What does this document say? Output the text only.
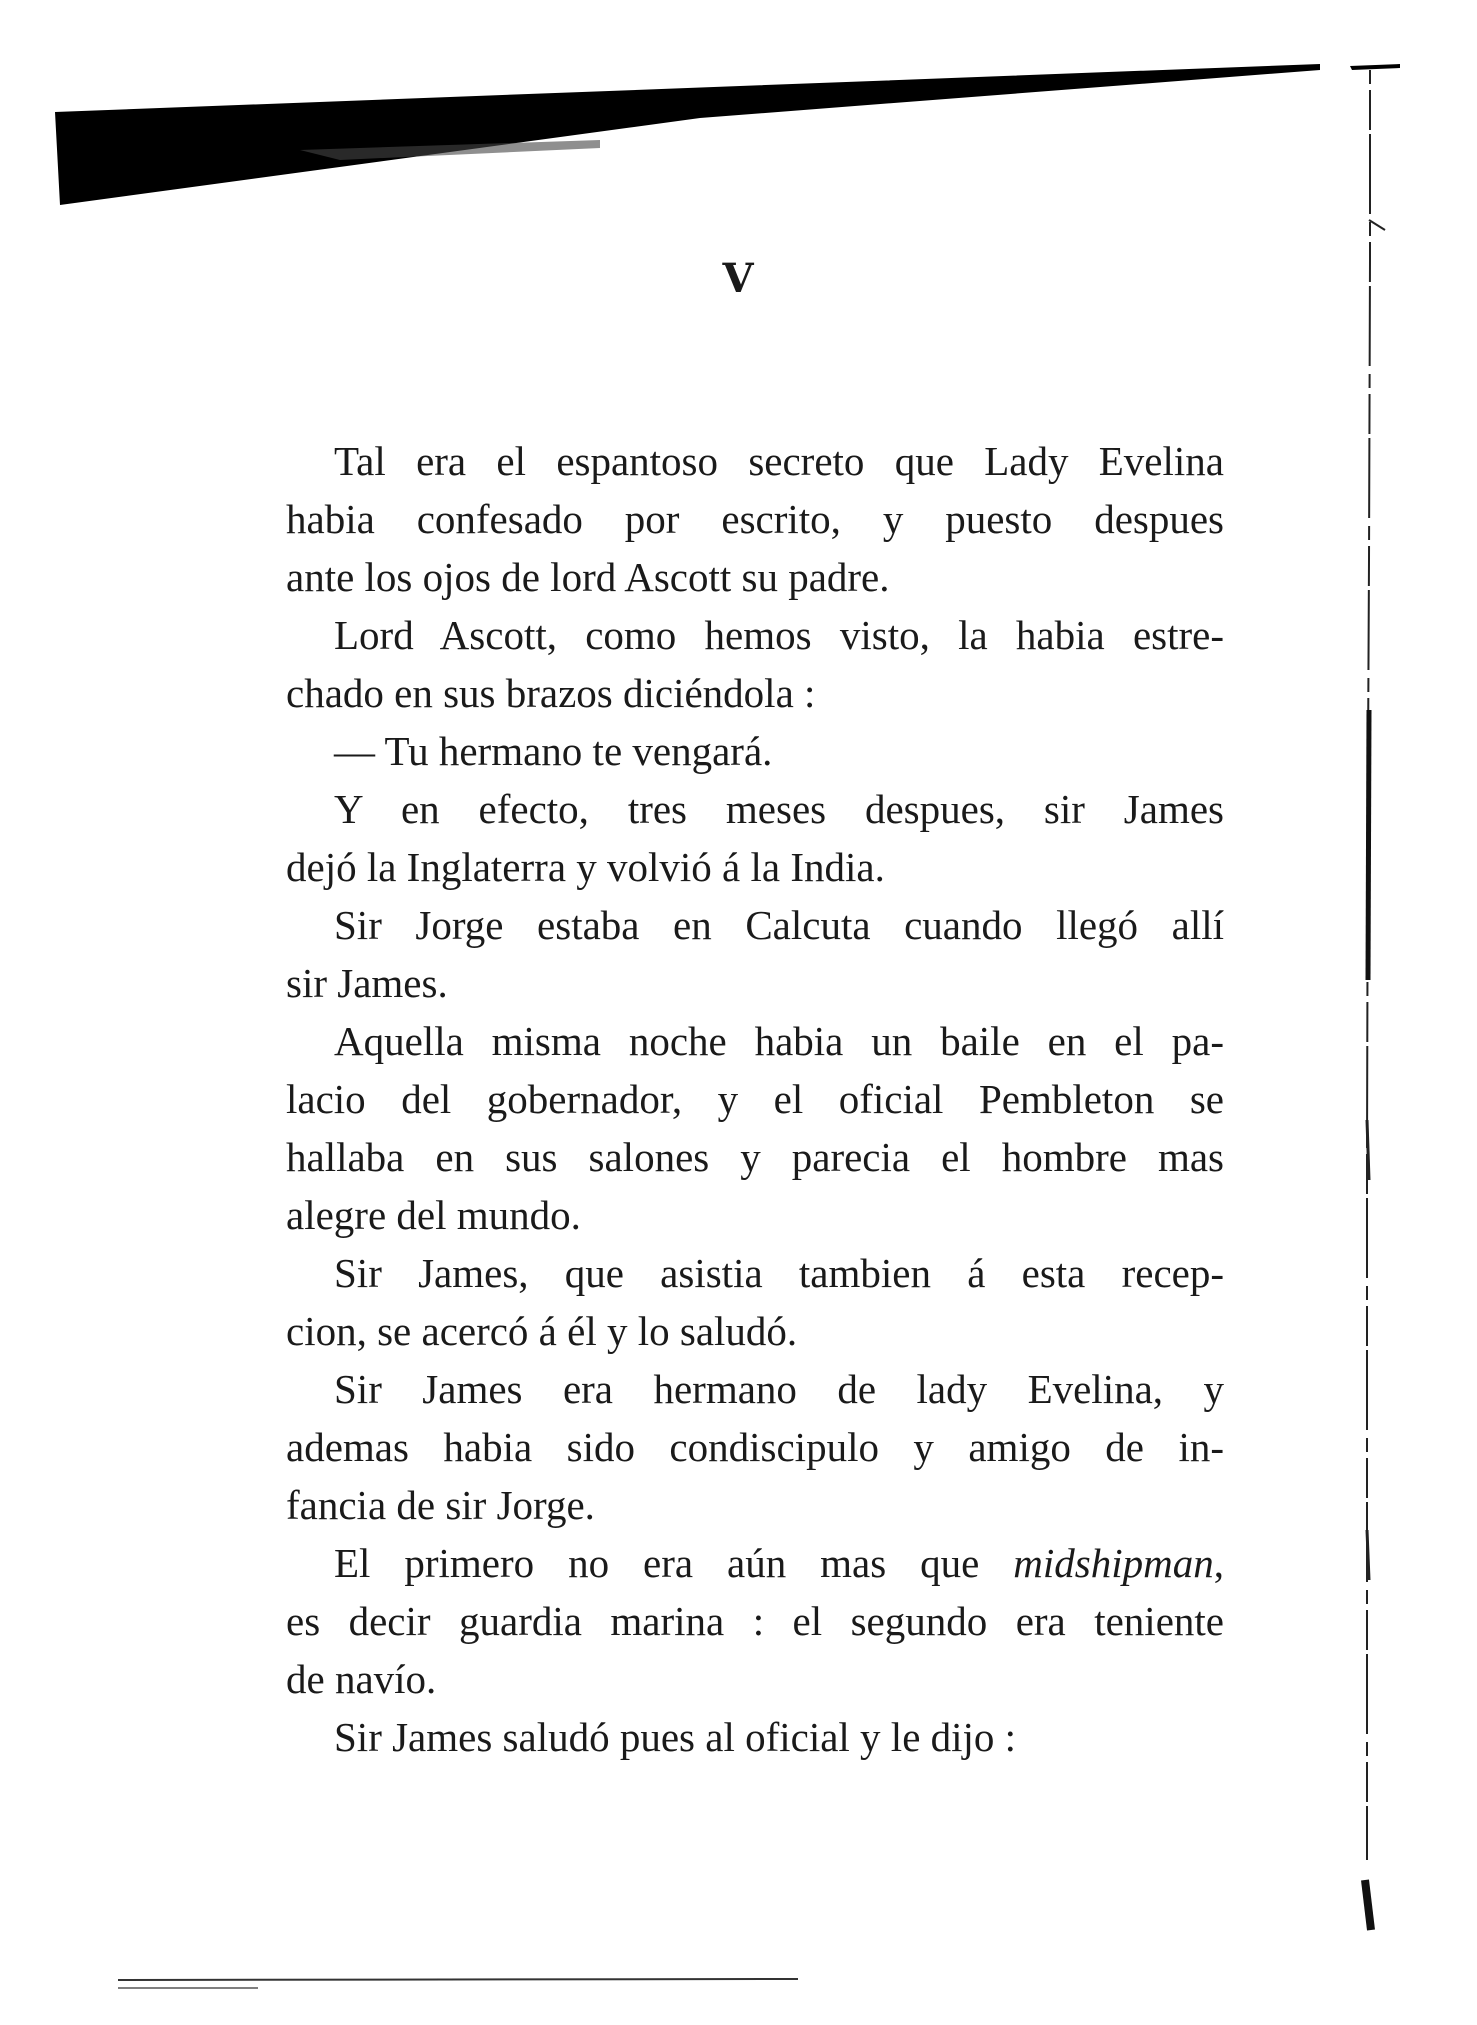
V

Tal era el espantoso secreto que Lady Evelina
habia confesado por escrito, y puesto despues
ante los ojos de lord Ascott su padre.

Lord Ascott, como hemos visto, la habia estre-
chado en sus brazos diciéndola :

— Tu hermano te vengará.

Y en efecto, tres meses despues, sir James
dejó la Inglaterra y volvió á la India.

Sir Jorge estaba en Calcuta cuando llegó allí
sir James.

Aquella misma noche habia un baile en el pa-
lacio del gobernador, y el oficial Pembleton se
hallaba en sus salones y parecia el hombre mas
alegre del mundo.

Sir James, que asistia tambien á esta recep-
cion, se acercó á él y lo saludó.

Sir James era hermano de lady Evelina, y
ademas habia sido condiscipulo y amigo de in-
fancia de sir Jorge.

El primero no era aún mas que midshipman,
es decir guardia marina : el segundo era teniente
de navío.

Sir James saludó pues al oficial y le dijo :
